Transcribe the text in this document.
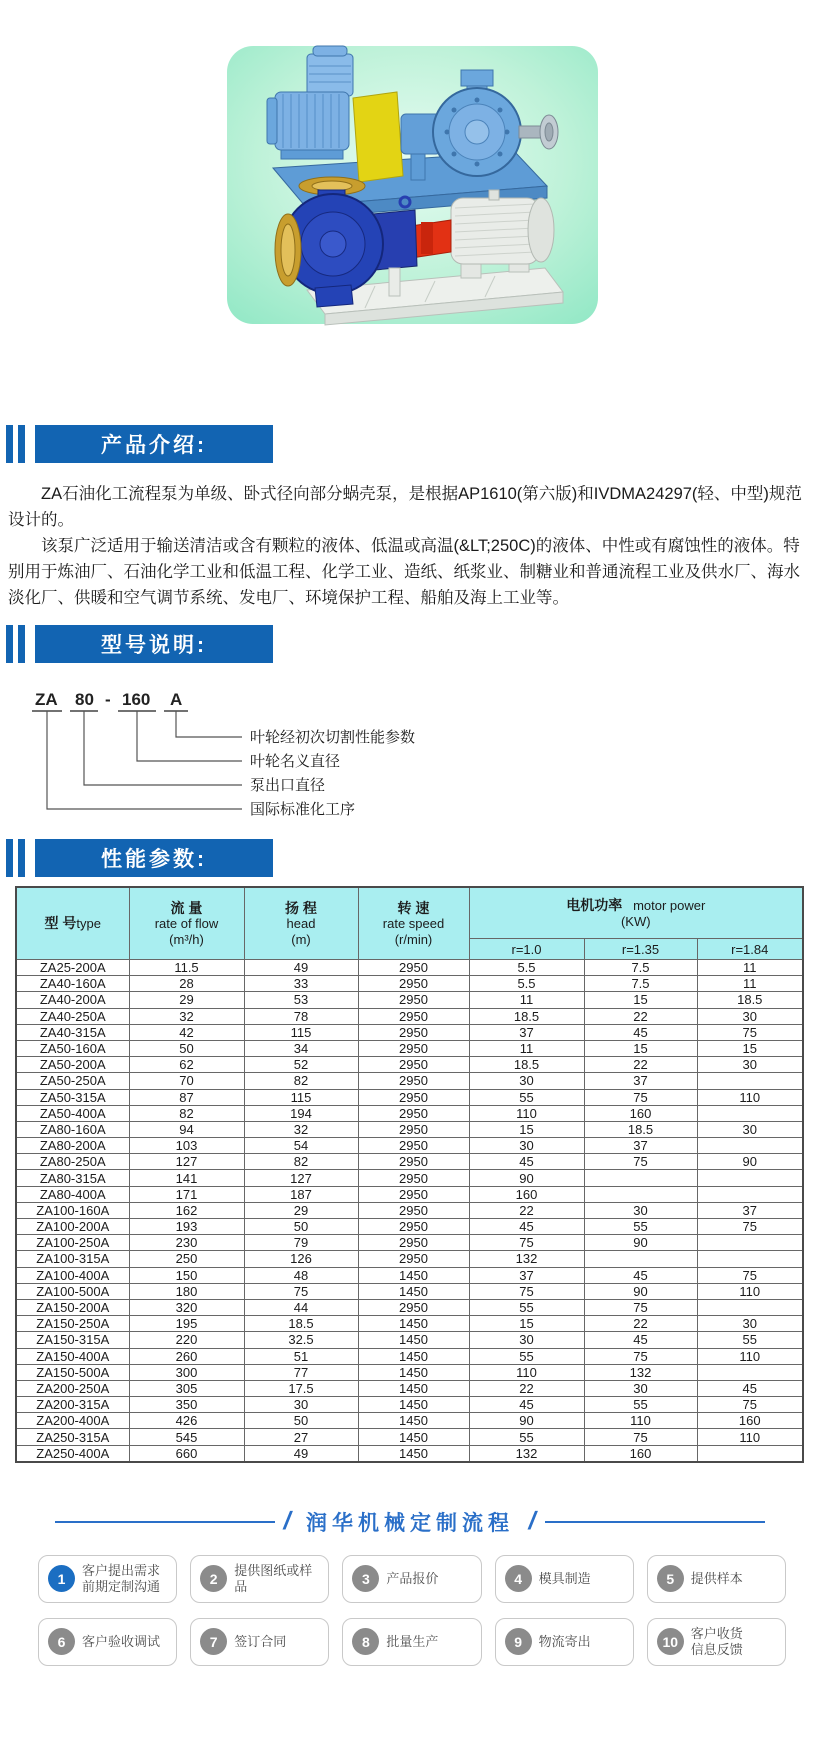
产品介绍:

ZA石油化工流程泵为单级、卧式径向部分蜗壳泵，是根据AP1610(第六版)和IVDMA24297(轻、中型)规范设计的。

该泵广泛适用于输送清洁或含有颗粒的液体、低温或高温(&LT;250C)的液体、中性或有腐蚀性的液体。特别用于炼油厂、石油化学工业和低温工程、化学工业、造纸、纸浆业、制糖业和普通流程工业及供水厂、海水淡化厂、供暖和空气调节系统、发电厂、环境保护工程、船舶及海上工业等。

型号说明:
ZA 80 - 160 A
叶轮经初次切割性能参数
叶轮名义直径
泵出口直径
国际标准化工序
性能参数:
型 号type	
流 量
rate of flow
(m³/h)

扬 程
head
(m)

转 速
rate speed
(r/min)

电机功率 motor power
(KW)

				r=1.0	r=1.35	r=1.84
ZA25-200A	11.5	49	2950	5.5	7.5	11
ZA40-160A	28	33	2950	5.5	7.5	11
ZA40-200A	29	53	2950	11	15	18.5
ZA40-250A	32	78	2950	18.5	22	30
ZA40-315A	42	115	2950	37	45	75
ZA50-160A	50	34	2950	11	15	15
ZA50-200A	62	52	2950	18.5	22	30
ZA50-250A	70	82	2950	30	37	
ZA50-315A	87	115	2950	55	75	110
ZA50-400A	82	194	2950	110	160	
ZA80-160A	94	32	2950	15	18.5	30
ZA80-200A	103	54	2950	30	37	
ZA80-250A	127	82	2950	45	75	90
ZA80-315A	141	127	2950	90		
ZA80-400A	171	187	2950	160		
ZA100-160A	162	29	2950	22	30	37
ZA100-200A	193	50	2950	45	55	75
ZA100-250A	230	79	2950	75	90	
ZA100-315A	250	126	2950	132		
ZA100-400A	150	48	1450	37	45	75
ZA100-500A	180	75	1450	75	90	110
ZA150-200A	320	44	2950	55	75	
ZA150-250A	195	18.5	1450	15	22	30
ZA150-315A	220	32.5	1450	30	45	55
ZA150-400A	260	51	1450	55	75	110
ZA150-500A	300	77	1450	110	132	
ZA200-250A	305	17.5	1450	22	30	45
ZA200-315A	350	30	1450	45	55	75
ZA200-400A	426	50	1450	90	110	160
ZA250-315A	545	27	1450	55	75	110
ZA250-400A	660	49	1450	132	160	
/ 润华机械定制流程 /
1
客户提出需求
前期定制沟通	2
提供图纸或样
品	3	产品报价	4	模具制造	5	提供样本
6	客户验收调试	7	签订合同	8	批量生产	9	物流寄出	10
客户收货
信息反馈
